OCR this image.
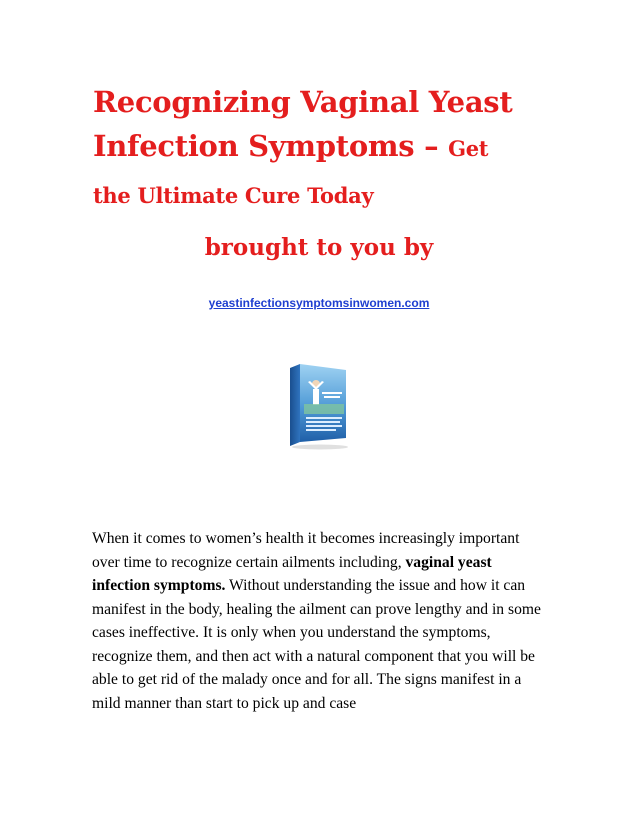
Recognizing Vaginal Yeast
Infection Symptoms – Get
the Ultimate Cure Today
brought to you by
yeastinfectionsymptomsinwomen.com
When it comes to women’s health it becomes increasingly important over time to recognize certain ailments including, vaginal yeast infection symptoms. Without understanding the issue and how it can manifest in the body, healing the ailment can prove lengthy and in some cases ineffective. It is only when you understand the symptoms, recognize them, and then act with a natural component that you will be able to get rid of the malady once and for all. The signs manifest in a mild manner than start to pick up and case
